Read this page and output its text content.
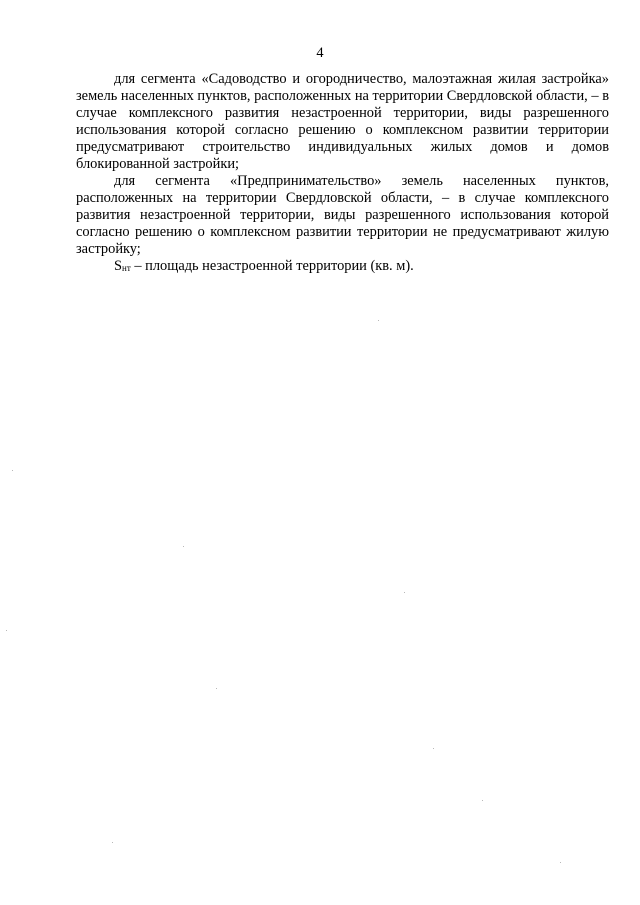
4

для сегмента «Садоводство и огородничество, малоэтажная жилая застройка» земель населенных пунктов, расположенных на территории Свердловской области, – в случае комплексного развития незастроенной территории, виды разрешенного использования которой согласно решению о комплексном развитии территории предусматривают строительство индивидуальных жилых домов и домов блокированной застройки;

для сегмента «Предпринимательство» земель населенных пунктов, расположенных на территории Свердловской области, – в случае комплексного развития незастроенной территории, виды разрешенного использования которой согласно решению о комплексном развитии территории не предусматривают жилую застройку;

Sнт – площадь незастроенной территории (кв. м).
